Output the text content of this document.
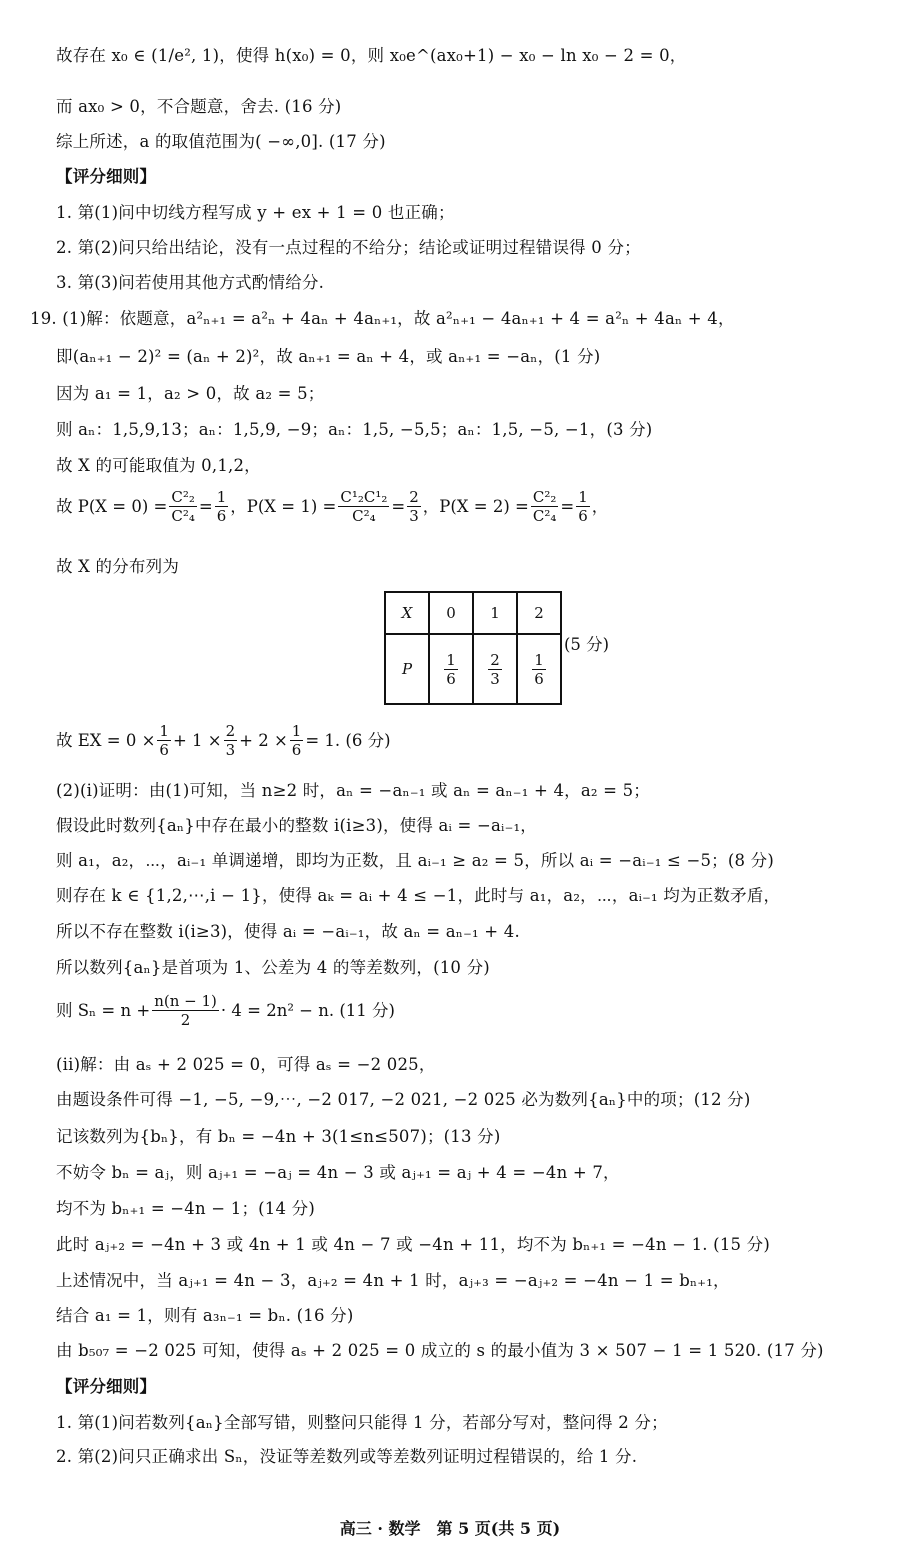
故存在 x₀ ∈ (1/e², 1)，使得 h(x₀) = 0，则 x₀e^(ax₀+1) − x₀ − ln x₀ − 2 = 0，
而 ax₀ > 0，不合题意，舍去. (16 分)
综上所述，a 的取值范围为( −∞,0]. (17 分)
【评分细则】
1. 第(1)问中切线方程写成 y + ex + 1 = 0 也正确；
2. 第(2)问只给出结论，没有一点过程的不给分；结论或证明过程错误得 0 分；
3. 第(3)问若使用其他方式酌情给分.
19. (1)解：依题意，a²ₙ₊₁ = a²ₙ + 4aₙ + 4aₙ₊₁，故 a²ₙ₊₁ − 4aₙ₊₁ + 4 = a²ₙ + 4aₙ + 4，
即(aₙ₊₁ − 2)² = (aₙ + 2)²，故 aₙ₊₁ = aₙ + 4，或 aₙ₊₁ = −aₙ，(1 分)
因为 a₁ = 1，a₂ > 0，故 a₂ = 5；
则 aₙ：1,5,9,13；aₙ：1,5,9, −9；aₙ：1,5, −5,5；aₙ：1,5, −5, −1，(3 分)
故 X 的可能取值为 0,1,2，
故 $P(X = 0) = \frac{\text{C²₂}}{\text{C²₄}} = \frac{1}{6}$ ，$P(X = 1) = \frac{\text{C¹₂C¹₂}}{\text{C²₄}} = \frac{2}{3}$ ，$P(X = 2) = \frac{\text{C²₂}}{\text{C²₄}} = \frac{1}{6}$ ，
故 X 的分布列为
X	0	1	2
P	$\frac{1}{6}$	$\frac{2}{3}$	$\frac{1}{6}$
(5 分)
故 EX = $0 \times \frac{1}{6} + 1 \times \frac{2}{3} + 2 \times \frac{1}{6} = 1$. (6 分)
(2)(i)证明：由(1)可知，当 n≥2 时，aₙ = −aₙ₋₁ 或 aₙ = aₙ₋₁ + 4，a₂ = 5；
假设此时数列{aₙ}中存在最小的整数 i(i≥3)，使得 aᵢ = −aᵢ₋₁，
则 a₁，a₂，⋯，aᵢ₋₁ 单调递增，即均为正数，且 aᵢ₋₁ ≥ a₂ = 5，所以 aᵢ = −aᵢ₋₁ ≤ −5；(8 分)
则存在 k ∈ {1,2,⋯,i − 1}，使得 aₖ = aᵢ + 4 ≤ −1，此时与 a₁，a₂，⋯，aᵢ₋₁ 均为正数矛盾，
所以不存在整数 i(i≥3)，使得 aᵢ = −aᵢ₋₁，故 aₙ = aₙ₋₁ + 4.
所以数列{aₙ}是首项为 1、公差为 4 的等差数列，(10 分)
则 $S_n = n + \frac{n(n - 1)}{2} \cdot 4 = 2n^2 - n$. (11 分)
(ii)解：由 aₛ + 2 025 = 0，可得 aₛ = −2 025，
由题设条件可得 −1, −5, −9,⋯, −2 017, −2 021, −2 025 必为数列{aₙ}中的项；(12 分)
记该数列为{bₙ}，有 bₙ = −4n + 3(1≤n≤507)；(13 分)
不妨令 bₙ = aⱼ，则 aⱼ₊₁ = −aⱼ = 4n − 3 或 aⱼ₊₁ = aⱼ + 4 = −4n + 7，
均不为 bₙ₊₁ = −4n − 1；(14 分)
此时 aⱼ₊₂ = −4n + 3 或 4n + 1 或 4n − 7 或 −4n + 11，均不为 bₙ₊₁ = −4n − 1. (15 分)
上述情况中，当 aⱼ₊₁ = 4n − 3，aⱼ₊₂ = 4n + 1 时，aⱼ₊₃ = −aⱼ₊₂ = −4n − 1 = bₙ₊₁，
结合 a₁ = 1，则有 a₃ₙ₋₁ = bₙ. (16 分)
由 b₅₀₇ = −2 025 可知，使得 aₛ + 2 025 = 0 成立的 s 的最小值为 3 × 507 − 1 = 1 520. (17 分)
【评分细则】
1. 第(1)问若数列{aₙ}全部写错，则整问只能得 1 分，若部分写对，整问得 2 分；
2. 第(2)问只正确求出 Sₙ，没证等差数列或等差数列证明过程错误的，给 1 分.
高三 · 数学　第 5 页(共 5 页)
